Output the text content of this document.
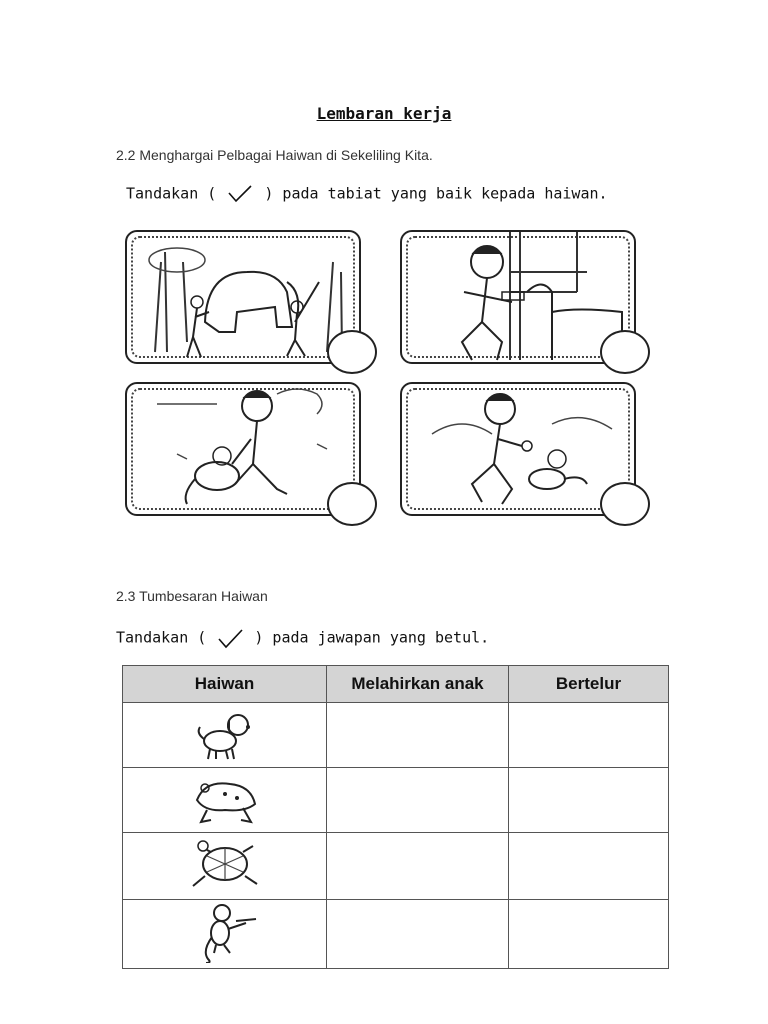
Lembaran kerja
2.2 Menghargai Pelbagai Haiwan di Sekeliling Kita.
Tandakan (	) pada tabiat yang baik kepada haiwan.
2.3 Tumbesaran Haiwan
Tandakan (	) pada jawapan yang betul.
Haiwan	Melahirkan anak	Bertelur
